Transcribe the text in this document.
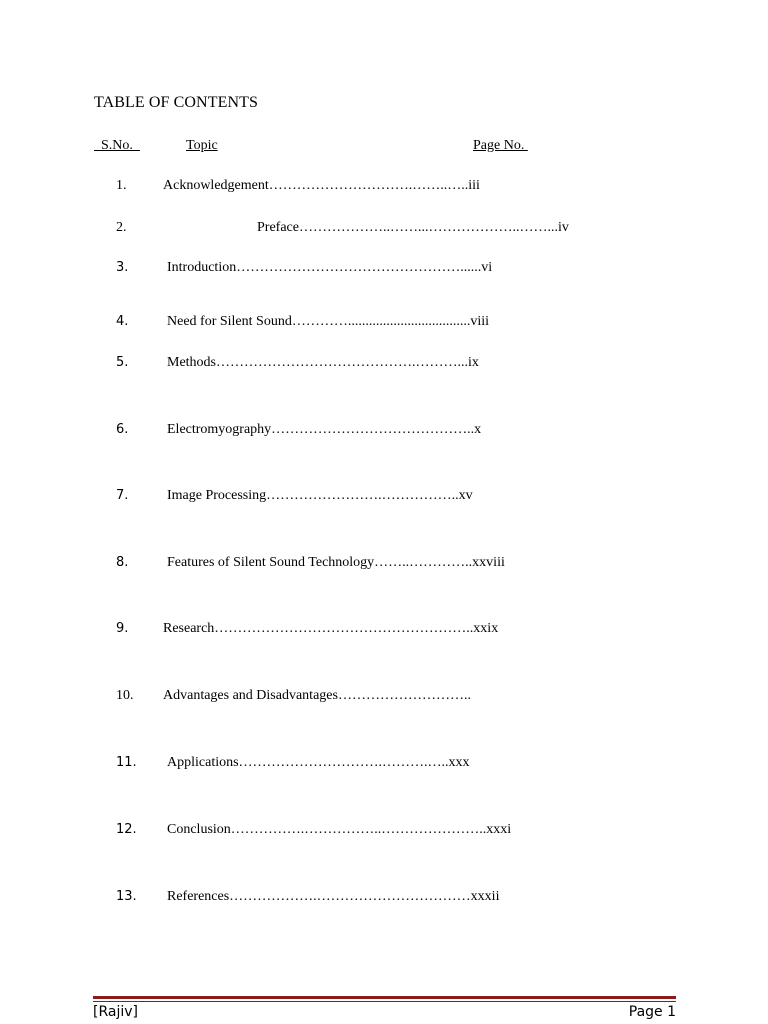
TABLE OF CONTENTS
S.No.	Topic	Page No.
1.	Acknowledgement………………………….……..…..iii
2.	Preface………………..……...………………..……...iv
3.	Introduction…………………………………………......vi
4.	Need for Silent Sound…………...................................viii
5.	Methods…………………………………….………...ix
6.	Electromyography……………………………………..x
7.	Image Processing…………………….……………..xv
8.	Features of Silent Sound Technology……..…………..xxviii
9. Research………………………………………………..xxix
10. Advantages and Disadvantages………………………..
11. Applications………………………….……….…..xxx
12. Conclusion…………….……………..…………………..xxxi
13. References……………….……………………………xxxii
[Rajiv]	Page 1
